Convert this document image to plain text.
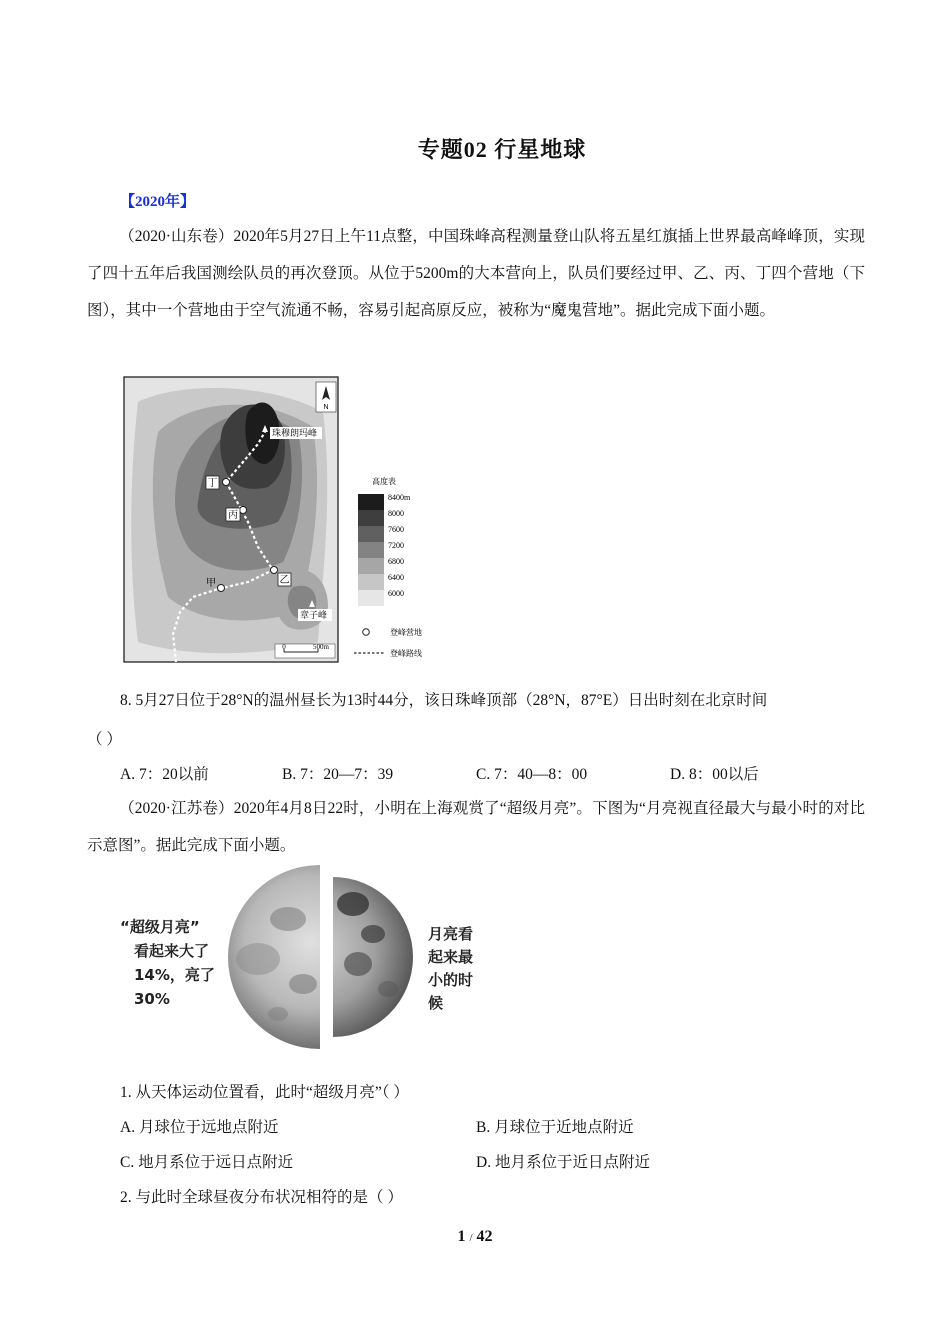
专题02 行星地球
【2020年】
（2020·山东卷）2020年5月27日上午11点整，中国珠峰高程测量登山队将五星红旗插上世界最高峰峰顶，实现了四十五年后我国测绘队员的再次登顶。从位于5200m的大本营向上，队员们要经过甲、乙、丙、丁四个营地（下图），其中一个营地由于空气流通不畅，容易引起高原反应，被称为“魔鬼营地”。据此完成下面小题。
N
珠穆朗玛峰
丁
丙
乙
甲
章子峰
0	500m
高度表
8400m
8000
7600
7200
6800
6400
6000
登峰营地
登峰路线
8. 5月27日位于28°N的温州昼长为13时44分，该日珠峰顶部（28°N，87°E）日出时刻在北京时间
（ ）
A. 7：20以前	B. 7：20—7：39	C. 7：40—8：00	D. 8：00以后
（2020·江苏卷）2020年4月8日22时，小明在上海观赏了“超级月亮”。下图为“月亮视直径最大与最小时的对比示意图”。据此完成下面小题。
“超级月亮”
看起来大了
14%，亮了
30%
月亮看
起来最
小的时
候
1. 从天体运动位置看，此时“超级月亮”（ ）
A. 月球位于远地点附近	B. 月球位于近地点附近
C. 地月系位于远日点附近	D. 地月系位于近日点附近
2. 与此时全球昼夜分布状况相符的是（ ）
1 / 42
